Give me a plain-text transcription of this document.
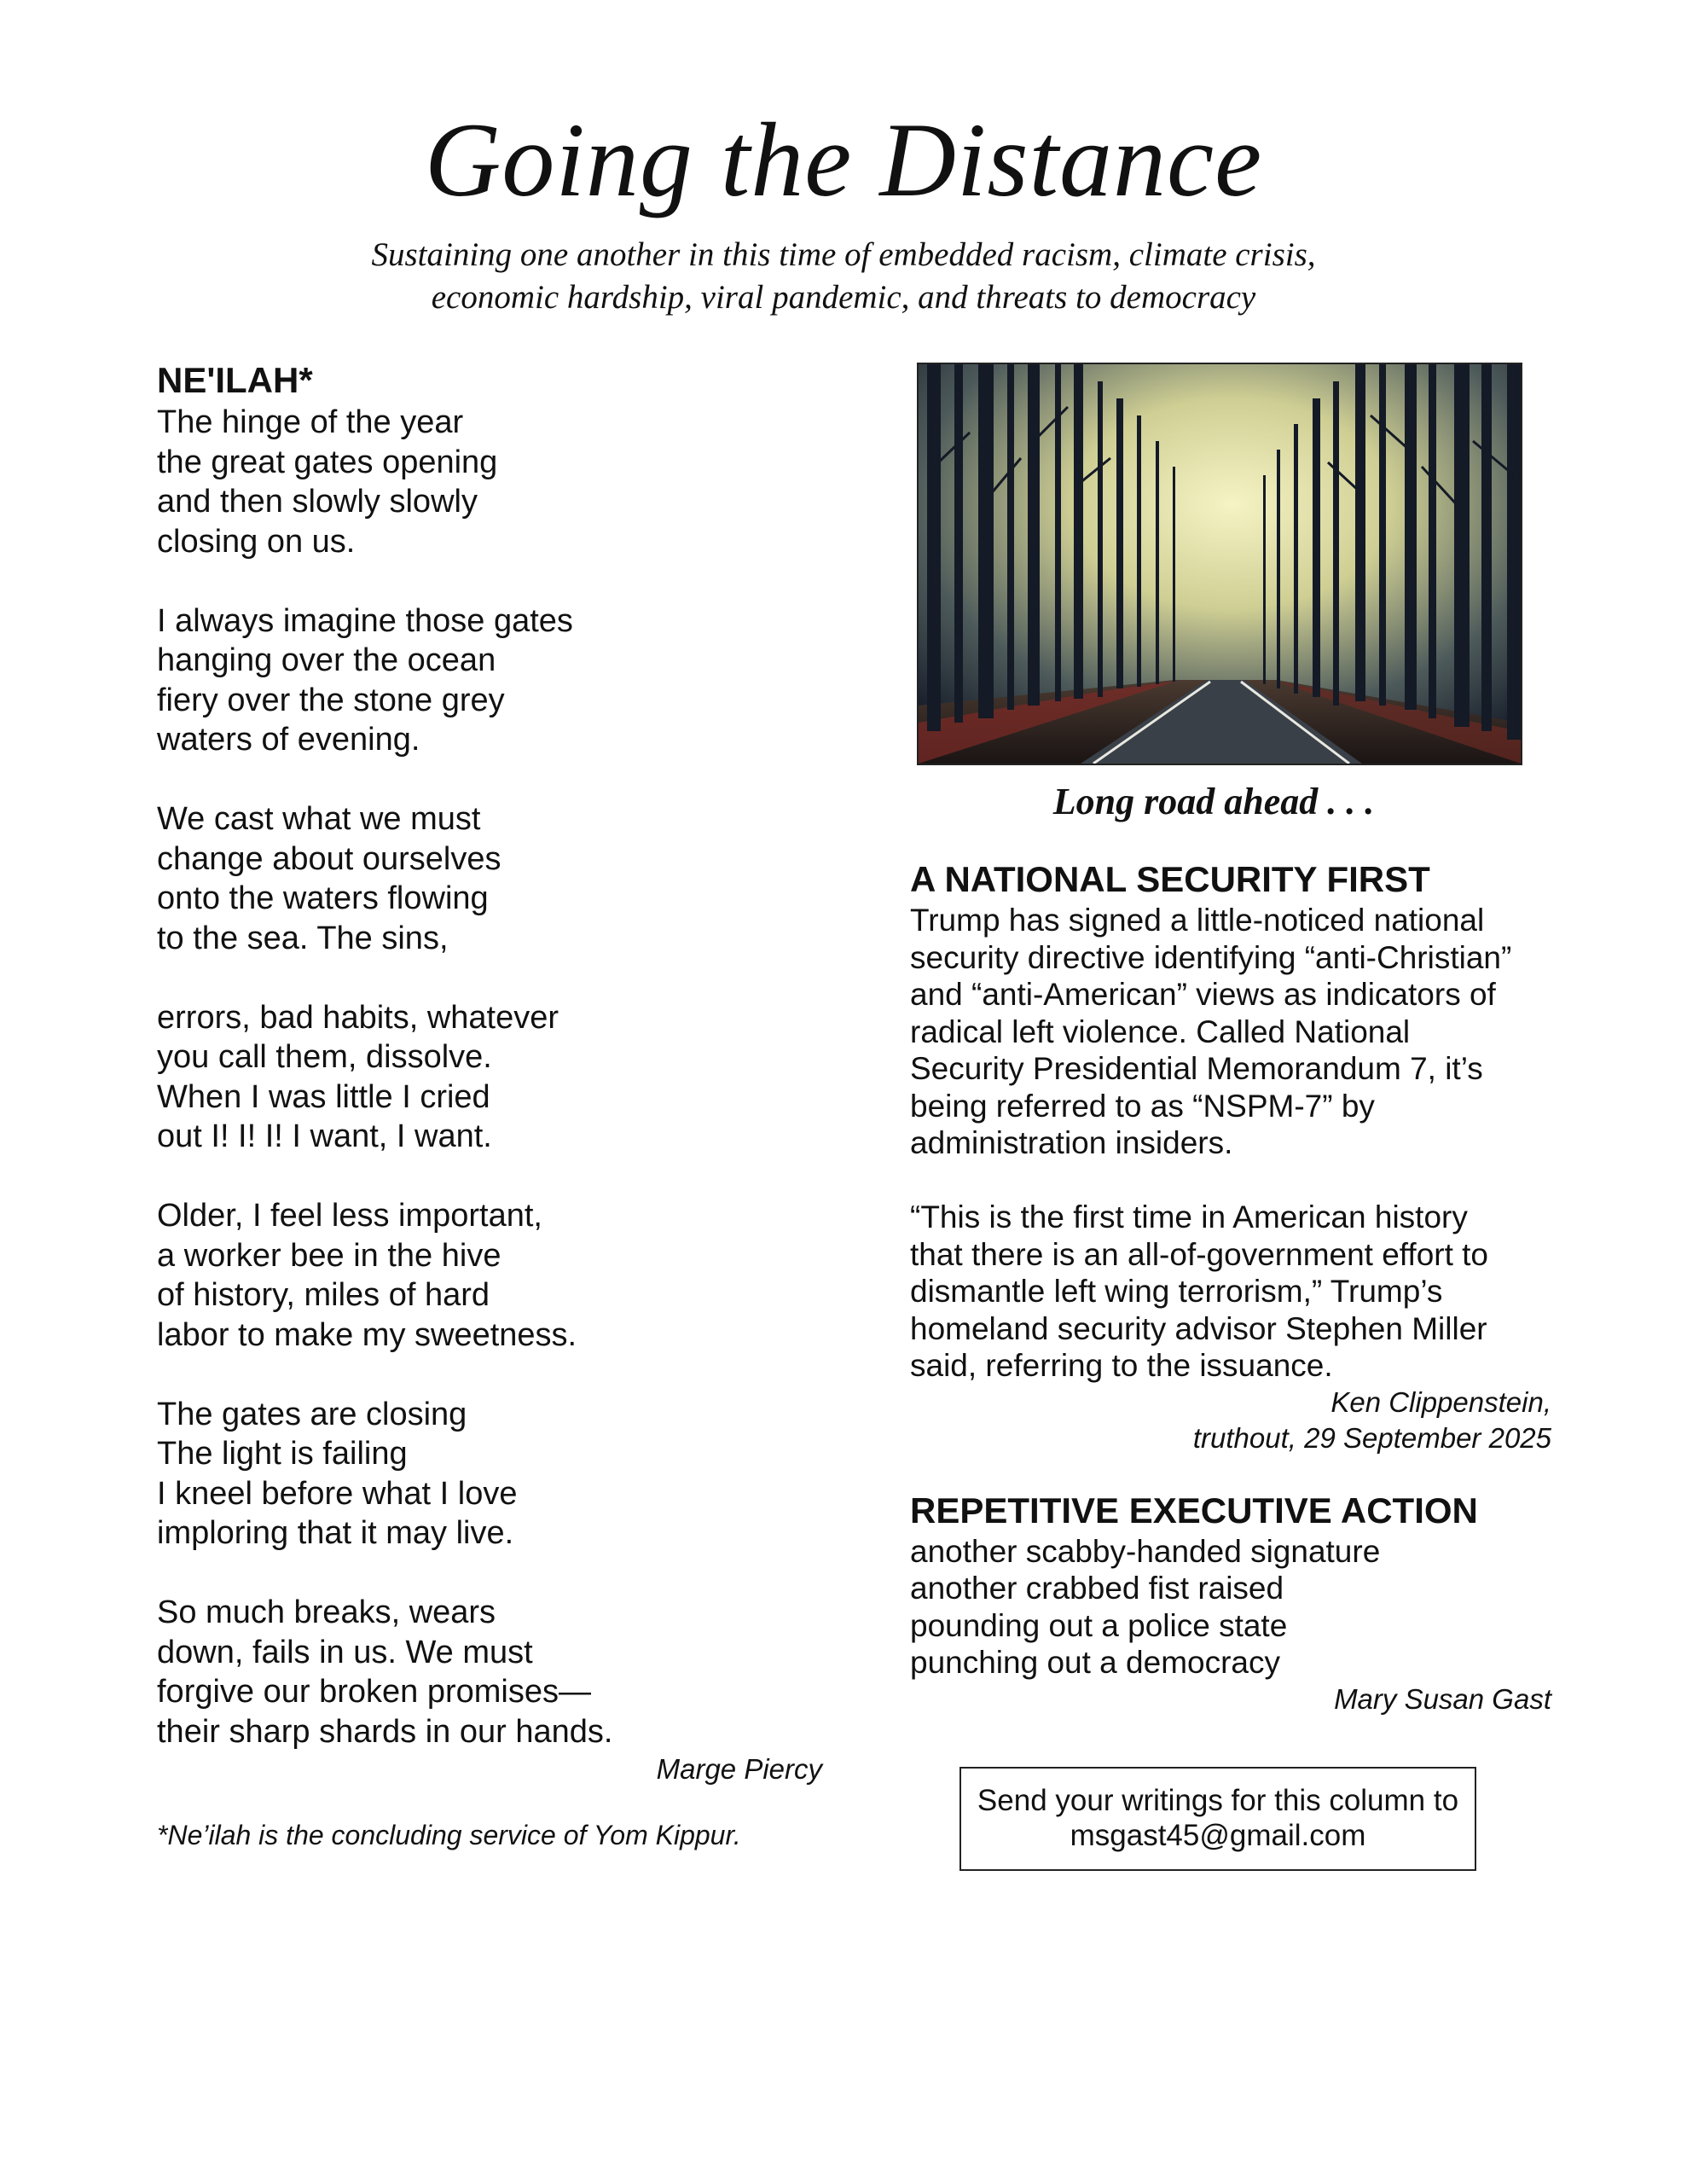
Going the Distance
Sustaining one another in this time of embedded racism, climate crisis,
economic hardship, viral pandemic, and threats to democracy
NE'ILAH*
The hinge of the year
the great gates opening
and then slowly slowly
closing on us.
I always imagine those gates
hanging over the ocean
fiery over the stone grey
waters of evening.
We cast what we must
change about ourselves
onto the waters flowing
to the sea. The sins,
errors, bad habits, whatever
you call them, dissolve.
When I was little I cried
out I! I! I! I want, I want.
Older, I feel less important,
a worker bee in the hive
of history, miles of hard
labor to make my sweetness.
The gates are closing
The light is failing
I kneel before what I love
imploring that it may live.
So much breaks, wears
down, fails in us. We must
forgive our broken promises—
their sharp shards in our hands.
Marge Piercy
*Ne’ilah is the concluding service of Yom Kippur.
Long road ahead . . .
A NATIONAL SECURITY FIRST
Trump has signed a little-noticed national
security directive identifying “anti-Christian”
and “anti-American” views as indicators of
radical left violence. Called National
Security Presidential Memorandum 7, it’s
being referred to as “NSPM-7” by
administration insiders.
“This is the first time in American history
that there is an all-of-government effort to
dismantle left wing terrorism,” Trump’s
homeland security advisor Stephen Miller
said, referring to the issuance.
Ken Clippenstein,
truthout, 29 September 2025
REPETITIVE EXECUTIVE ACTION
another scabby-handed signature
another crabbed fist raised
pounding out a police state
punching out a democracy
Mary Susan Gast
Send your writings for this column to
msgast45@gmail.com
